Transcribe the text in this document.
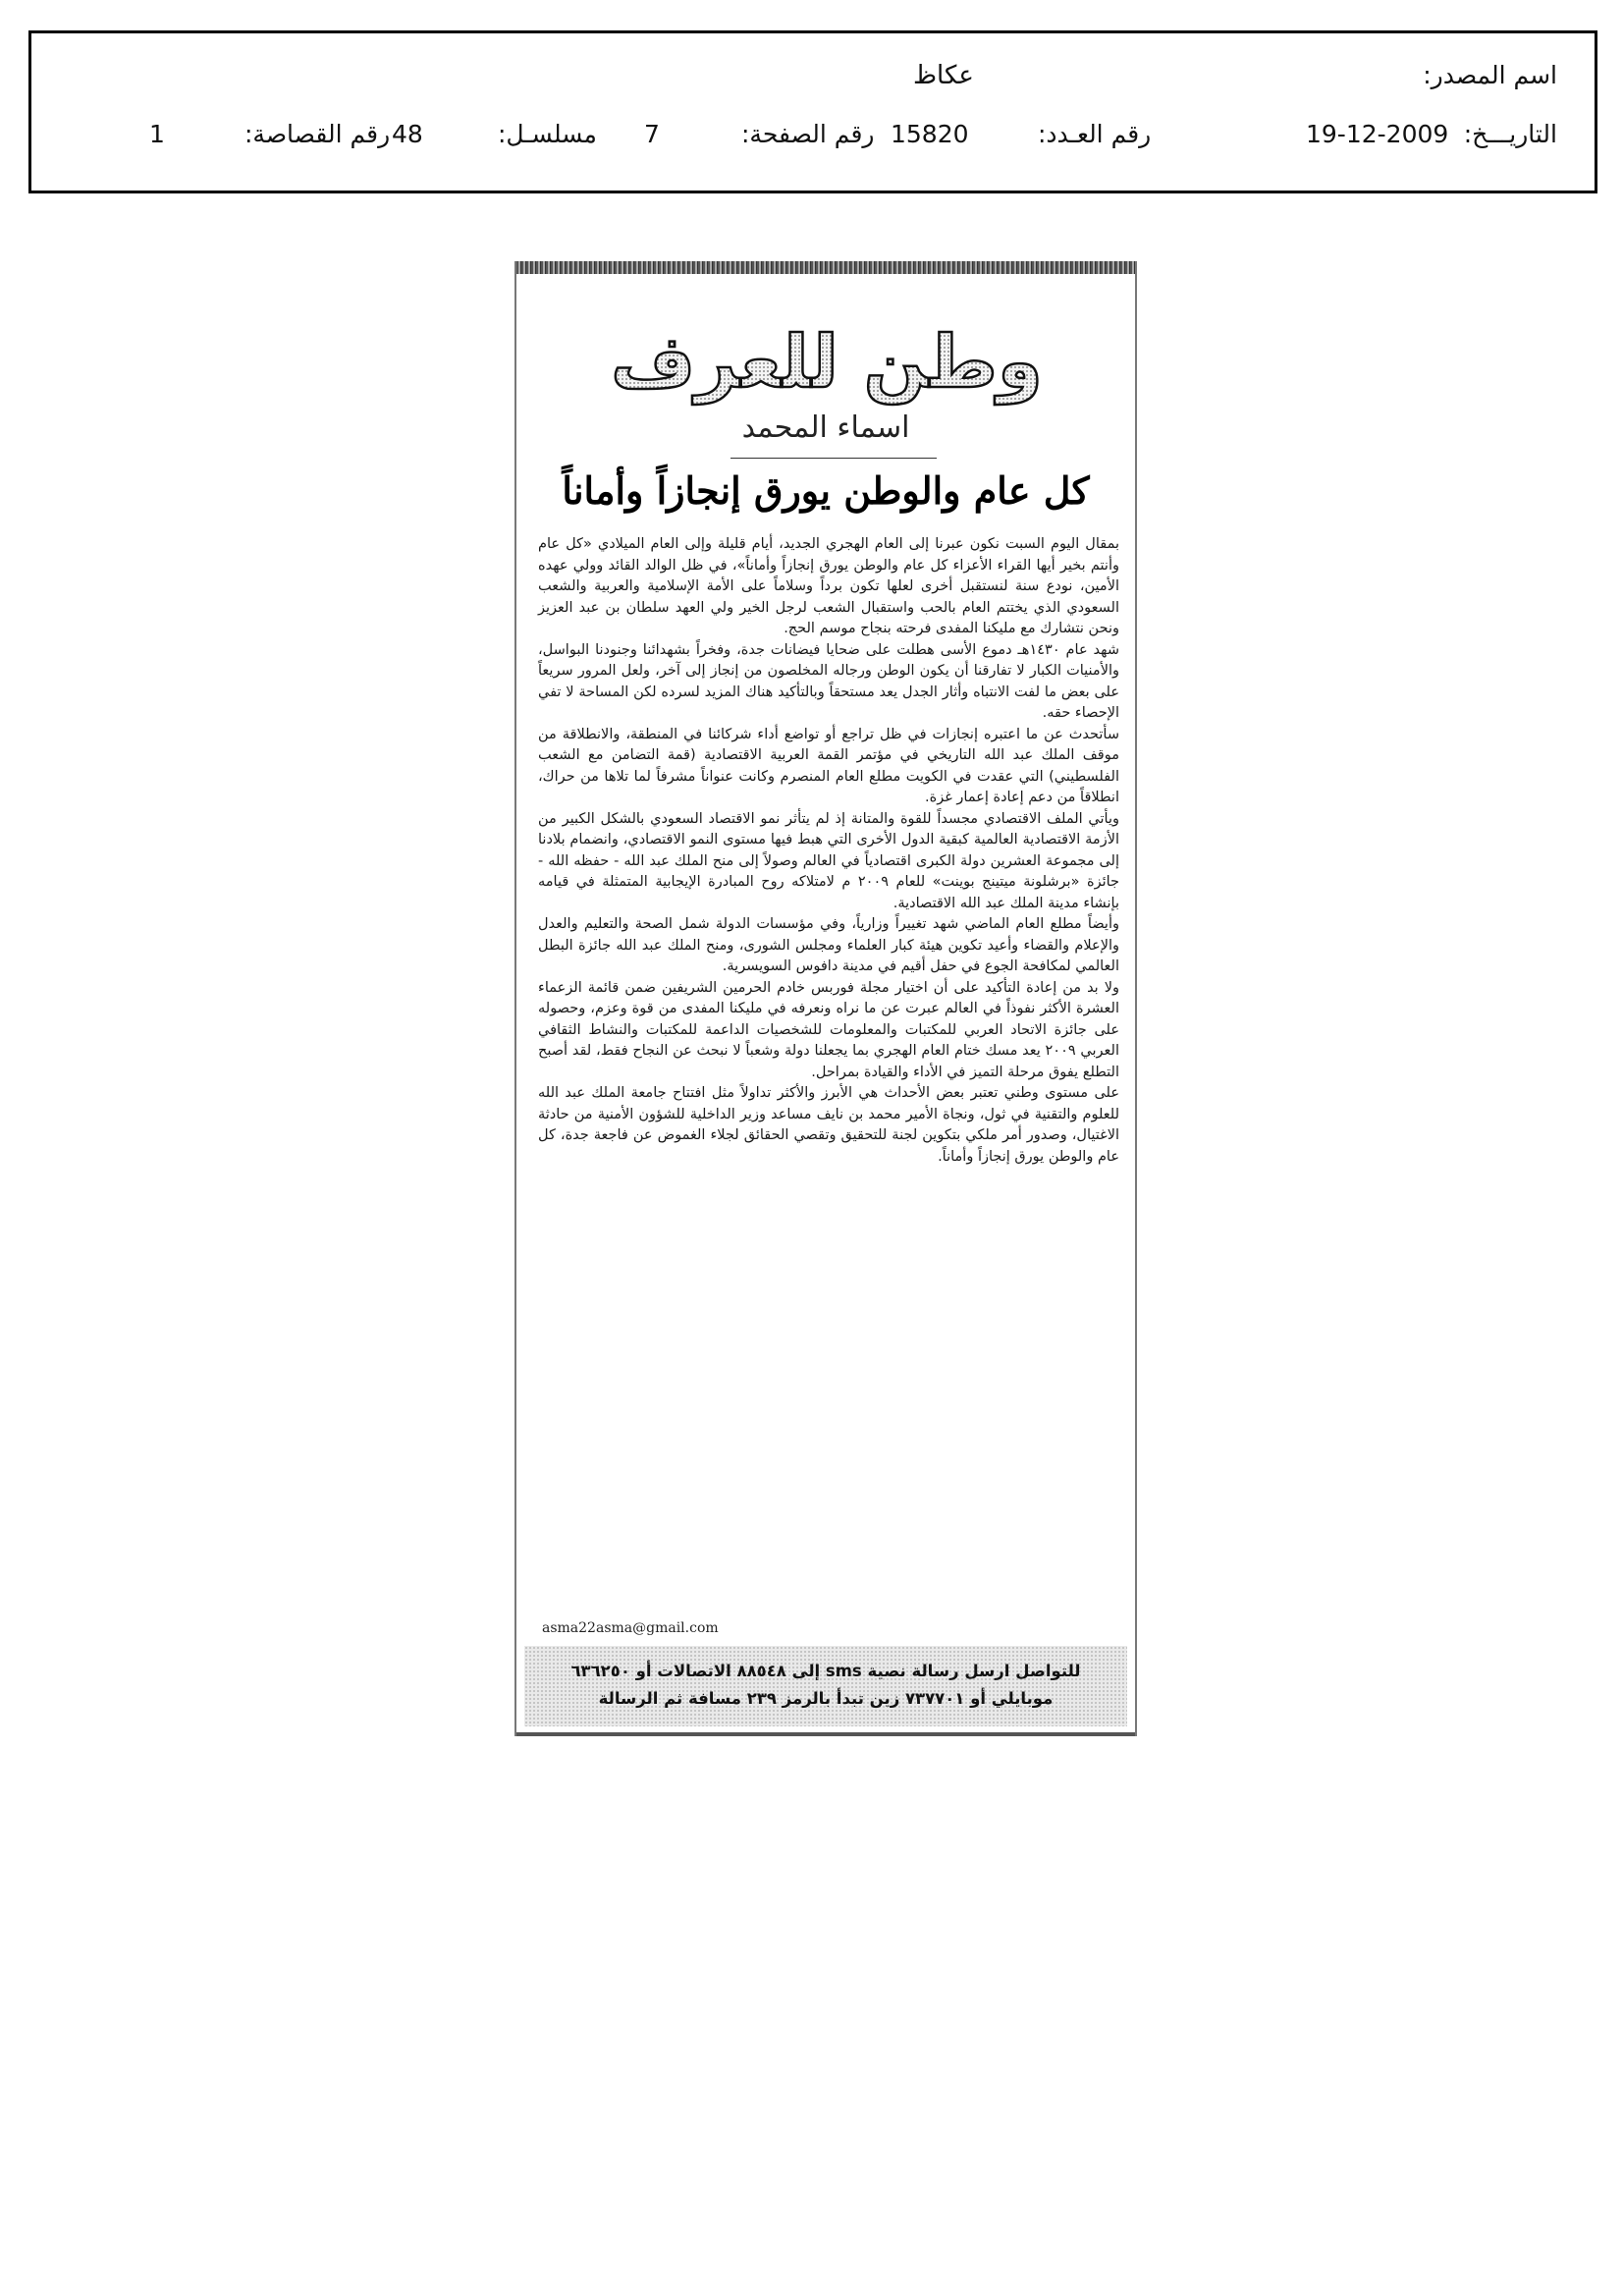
اسم المصدر:
عكاظ
التاريـــخ:
19-12-2009
رقم العـدد:
15820
رقم الصفحة:
7
مسلسـل:
48
رقم القصاصة:
1
وطن للعرف
اسماء المحمد
كل عام والوطن يورق إنجازاً وأماناً

بمقال اليوم السبت نكون عبرنا إلى العام الهجري الجديد، أيام قليلة وإلى العام الميلادي «كل عام وأنتم بخير أيها القراء الأعزاء كل عام والوطن يورق إنجازاً وأماناً»، في ظل الوالد القائد وولي عهده الأمين، نودع سنة لنستقبل أخرى لعلها تكون برداً وسلاماً على الأمة الإسلامية والعربية والشعب السعودي الذي يختتم العام بالحب واستقبال الشعب لرجل الخير ولي العهد سلطان بن عبد العزيز ونحن نتشارك مع مليكنا المفدى فرحته بنجاح موسم الحج.

شهد عام ١٤٣٠هـ دموع الأسى هطلت على ضحايا فيضانات جدة، وفخراً بشهدائنا وجنودنا البواسل، والأمنيات الكبار لا تفارقنا أن يكون الوطن ورجاله المخلصون من إنجاز إلى آخر، ولعل المرور سريعاً على بعض ما لفت الانتباه وأثار الجدل يعد مستحقاً وبالتأكيد هناك المزيد لسرده لكن المساحة لا تفي الإحصاء حقه.

سأتحدث عن ما اعتبره إنجازات في ظل تراجع أو تواضع أداء شركائنا في المنطقة، والانطلاقة من موقف الملك عبد الله التاريخي في مؤتمر القمة العربية الاقتصادية (قمة التضامن مع الشعب الفلسطيني) التي عقدت في الكويت مطلع العام المنصرم وكانت عنواناً مشرفاً لما تلاها من حراك، انطلاقاً من دعم إعادة إعمار غزة.

ويأتي الملف الاقتصادي مجسداً للقوة والمتانة إذ لم يتأثر نمو الاقتصاد السعودي بالشكل الكبير من الأزمة الاقتصادية العالمية كبقية الدول الأخرى التي هبط فيها مستوى النمو الاقتصادي، وانضمام بلادنا إلى مجموعة العشرين دولة الكبرى اقتصادياً في العالم وصولاً إلى منح الملك عبد الله - حفظه الله - جائزة «برشلونة ميتينج بوينت» للعام ٢٠٠٩ م لامتلاكه روح المبادرة الإيجابية المتمثلة في قيامه بإنشاء مدينة الملك عبد الله الاقتصادية.

وأيضاً مطلع العام الماضي شهد تغييراً وزارياً، وفي مؤسسات الدولة شمل الصحة والتعليم والعدل والإعلام والقضاء وأعيد تكوين هيئة كبار العلماء ومجلس الشورى، ومنح الملك عبد الله جائزة البطل العالمي لمكافحة الجوع في حفل أقيم في مدينة دافوس السويسرية.

ولا بد من إعادة التأكيد على أن اختيار مجلة فوربس خادم الحرمين الشريفين ضمن قائمة الزعماء العشرة الأكثر نفوذاً في العالم عبرت عن ما نراه ونعرفه في مليكنا المفدى من قوة وعزم، وحصوله على جائزة الاتحاد العربي للمكتبات والمعلومات للشخصيات الداعمة للمكتبات والنشاط الثقافي العربي ٢٠٠٩ يعد مسك ختام العام الهجري بما يجعلنا دولة وشعباً لا نبحث عن النجاح فقط، لقد أصبح التطلع يفوق مرحلة التميز في الأداء والقيادة بمراحل.

على مستوى وطني تعتبر بعض الأحداث هي الأبرز والأكثر تداولاً مثل افتتاح جامعة الملك عبد الله للعلوم والتقنية في ثول، ونجاة الأمير محمد بن نايف مساعد وزير الداخلية للشؤون الأمنية من حادثة الاغتيال، وصدور أمر ملكي بتكوين لجنة للتحقيق وتقصي الحقائق لجلاء الغموض عن فاجعة جدة، كل عام والوطن يورق إنجازاً وأماناً.

asma22asma@gmail.com
للتواصل ارسل رسالة نصية sms إلى ٨٨٥٤٨ الاتصالات أو ٦٣٦٢٥٠
موبايلي أو ٧٣٧٧٠١ زين تبدأ بالرمز ٢٣٩ مسافة ثم الرسالة
